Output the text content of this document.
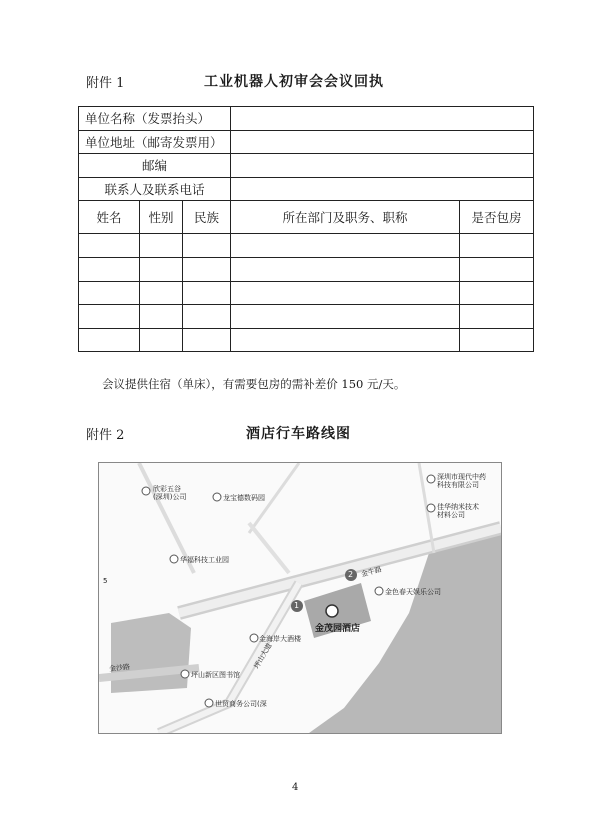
附件 1	工业机器人初审会会议回执
单位名称（发票抬头）				
单位地址（邮寄发票用）				
邮编				
联系人及联系电话				
姓名	性别	民族	所在部门及职务、职称	是否包房

会议提供住宿（单床），有需要包房的需补差价 150 元/天。
附件 2	酒店行车路线图
欣彩五谷
(深圳)公司	龙宝德数码园
深圳市现代中药
科技有限公司
佳华纳米技术
材料公司
华福科技工业园
5
金牛路
金色春天娱乐公司
金茂园酒店
金海岸大酒楼
坪山新区图书馆
世贸商务公司(深
1
2
金沙路	坪山大道
4
